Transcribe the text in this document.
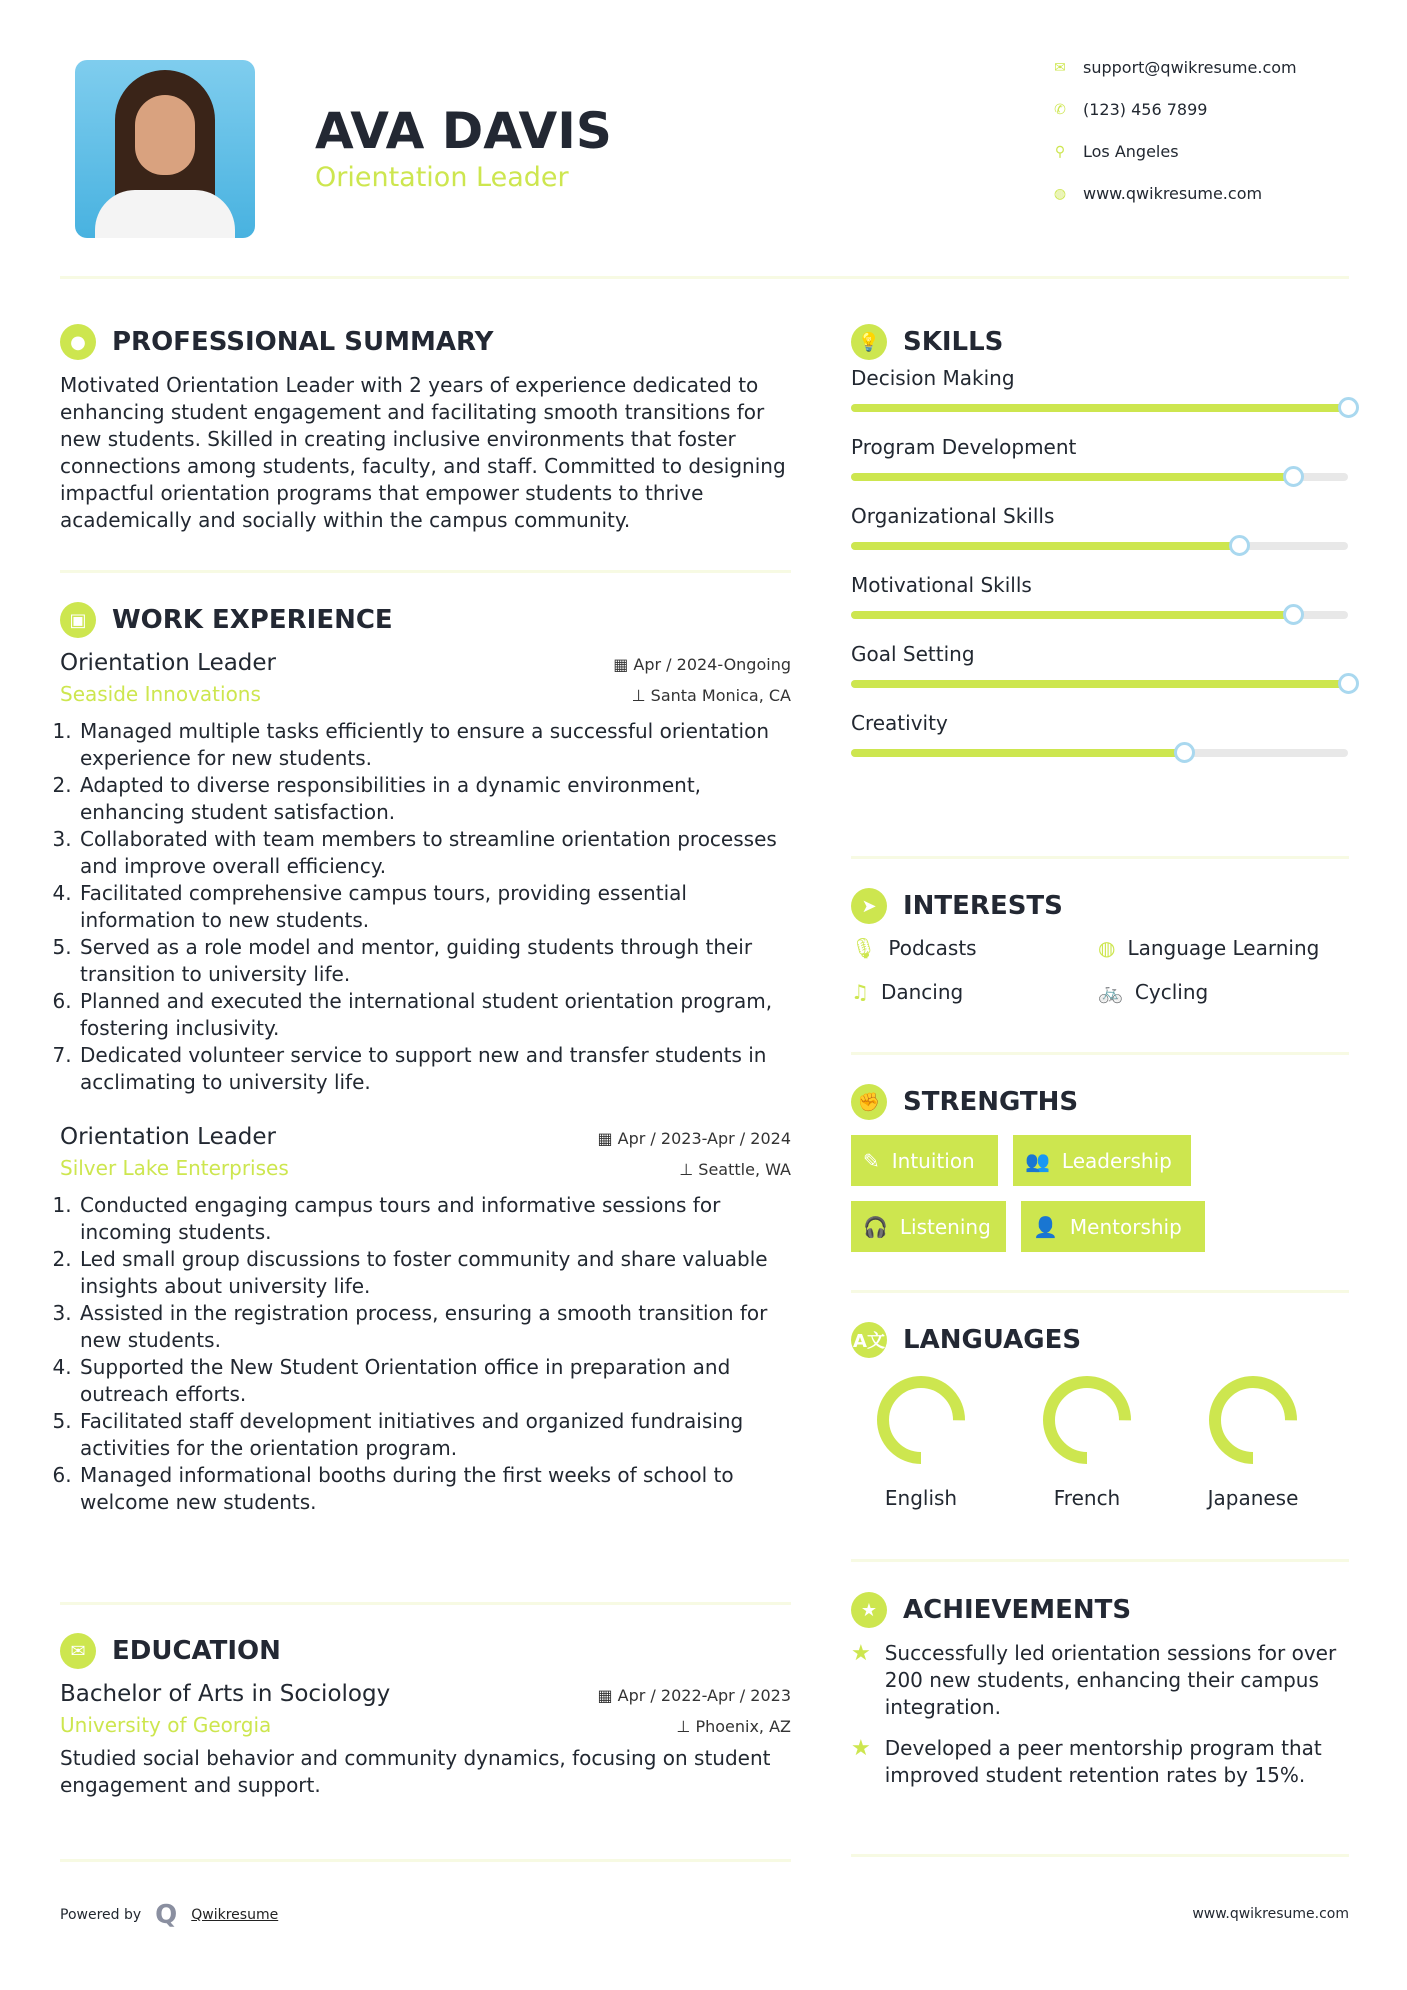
AVA DAVIS
Orientation Leader
✉ support@qwikresume.com
✆ (123) 456 7899
⚲ Los Angeles
◍ www.qwikresume.com
●	PROFESSIONAL SUMMARY

Motivated Orientation Leader with 2 years of experience dedicated to enhancing student engagement and facilitating smooth transitions for new students. Skilled in creating inclusive environments that foster connections among students, faculty, and staff. Committed to designing impactful orientation programs that empower students to thrive academically and socially within the campus community.

▣ WORK EXPERIENCE
Orientation Leader	▦ Apr / 2024-Ongoing
Seaside Innovations	⊥ Santa Monica, CA
1. Managed multiple tasks efficiently to ensure a successful orientation experience for new students.
2. Adapted to diverse responsibilities in a dynamic environment, enhancing student satisfaction.
3. Collaborated with team members to streamline orientation processes and improve overall efficiency.
4. Facilitated comprehensive campus tours, providing essential information to new students.
5. Served as a role model and mentor, guiding students through their transition to university life.
6. Planned and executed the international student orientation program, fostering inclusivity.
7. Dedicated volunteer service to support new and transfer students in acclimating to university life.
Orientation Leader	▦ Apr / 2023-Apr / 2024
Silver Lake Enterprises	⊥ Seattle, WA
1. Conducted engaging campus tours and informative sessions for incoming students.
2. Led small group discussions to foster community and share valuable insights about university life.
3. Assisted in the registration process, ensuring a smooth transition for new students.
4. Supported the New Student Orientation office in preparation and outreach efforts.
5. Facilitated staff development initiatives and organized fundraising activities for the orientation program.
6. Managed informational booths during the first weeks of school to welcome new students.
✉	EDUCATION
Bachelor of Arts in Sociology	▦ Apr / 2022-Apr / 2023
University of Georgia	⊥ Phoenix, AZ

Studied social behavior and community dynamics, focusing on student engagement and support.

💡 SKILLS
Decision Making
Program Development
Organizational Skills
Motivational Skills
Goal Setting
Creativity
➤	INTERESTS
🎙 Podcasts	◍ Language Learning
♫ Dancing	🚲 Cycling
✊ STRENGTHS
✎ Intuition	👥 Leadership
🎧 Listening 👤 Mentorship
A文 LANGUAGES
English	French	Japanese
★ ACHIEVEMENTS
★ Successfully led orientation sessions for over 200 new students, enhancing their campus integration.
★ Developed a peer mentorship program that improved student retention rates by 15%.
Powered by Q Qwikresume	www.qwikresume.com
